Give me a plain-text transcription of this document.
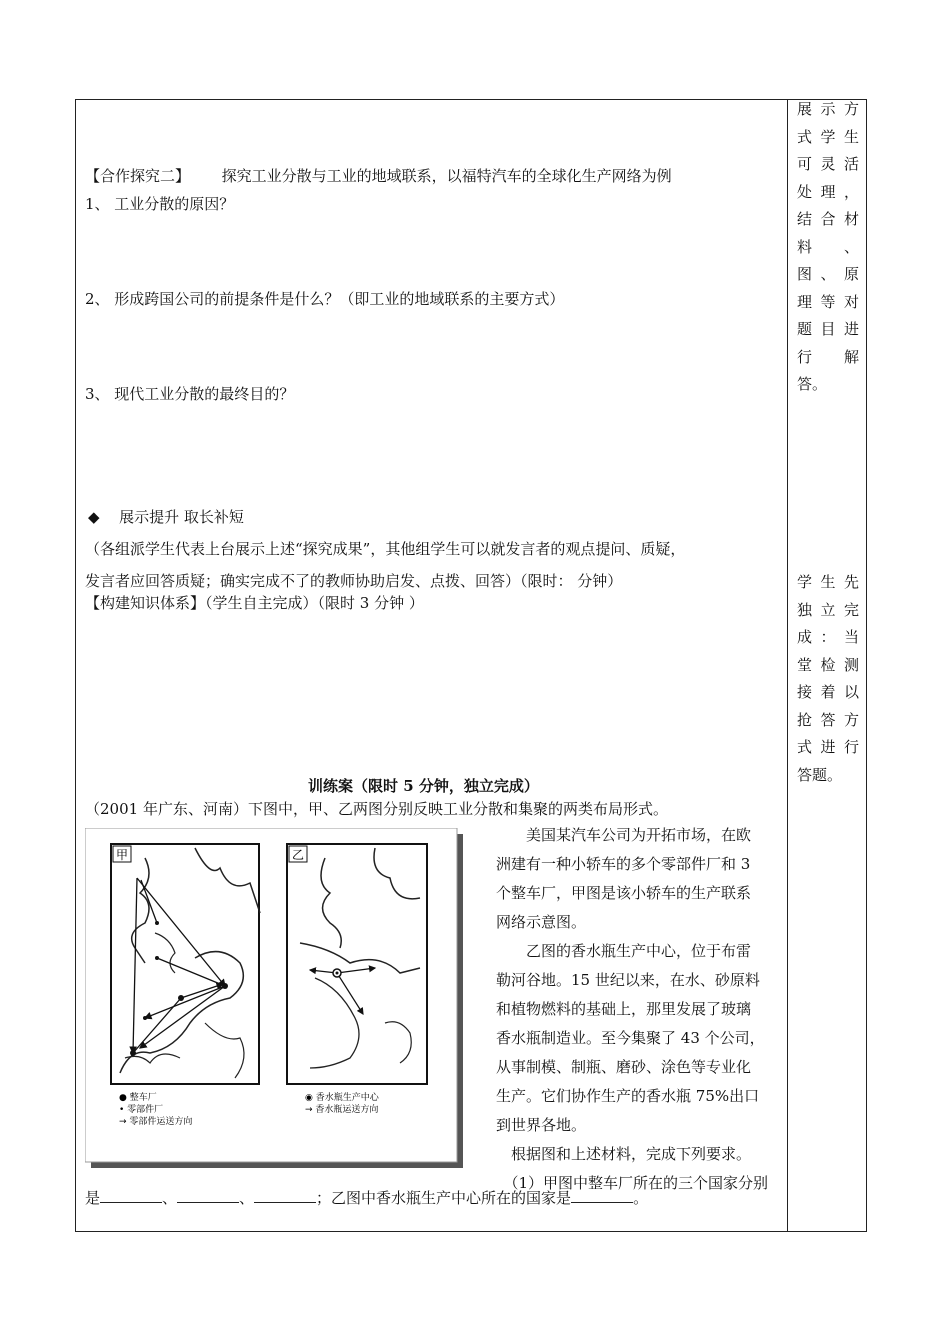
【合作探究二】 探究工业分散与工业的地域联系，以福特汽车的全球化生产网络为例
1、 工业分散的原因？
2、 形成跨国公司的前提条件是什么？（即工业的地域联系的主要方式）
3、 现代工业分散的最终目的？
◆ 展示提升 取长补短
（各组派学生代表上台展示上述“探究成果”，其他组学生可以就发言者的观点提问、质疑，
发言者应回答质疑；确实完成不了的教师协助启发、点拨、回答）（限时： 分钟）
【构建知识体系】（学生自主完成）（限时 3 分钟 ）
展示方
式学生
可灵活
处理，
结合材
料　、
图、原
理等对
题目进
行　解
答。
学生先
独立完
成：当
堂检测
接着以
抢答方
式进行
答题。
训练案（限时 5 分钟，独立完成）
（2001 年广东、河南）下图中，甲、乙两图分别反映工业分散和集聚的两类布局形式。

　　美国某汽车公司为开拓市场，在欧

洲建有一种小轿车的多个零部件厂和 3

个整车厂，甲图是该小轿车的生产联系

网络示意图。

　　乙图的香水瓶生产中心，位于布雷

勒河谷地。15 世纪以来，在水、砂原料

和植物燃料的基础上，那里发展了玻璃

香水瓶制造业。至今集聚了 43 个公司，

从事制模、制瓶、磨砂、涂色等专业化

生产。它们协作生产的香水瓶 75%出口

到世界各地。

　根据图和上述材料，完成下列要求。

　（1）甲图中整车厂所在的三个国家分别

是	、	、	；乙图中香水瓶生产中心所在的国家是	。
甲	乙
● 整车厂
• 零部件厂
→ 零部件运送方向
◉ 香水瓶生产中心
→ 香水瓶运送方向
